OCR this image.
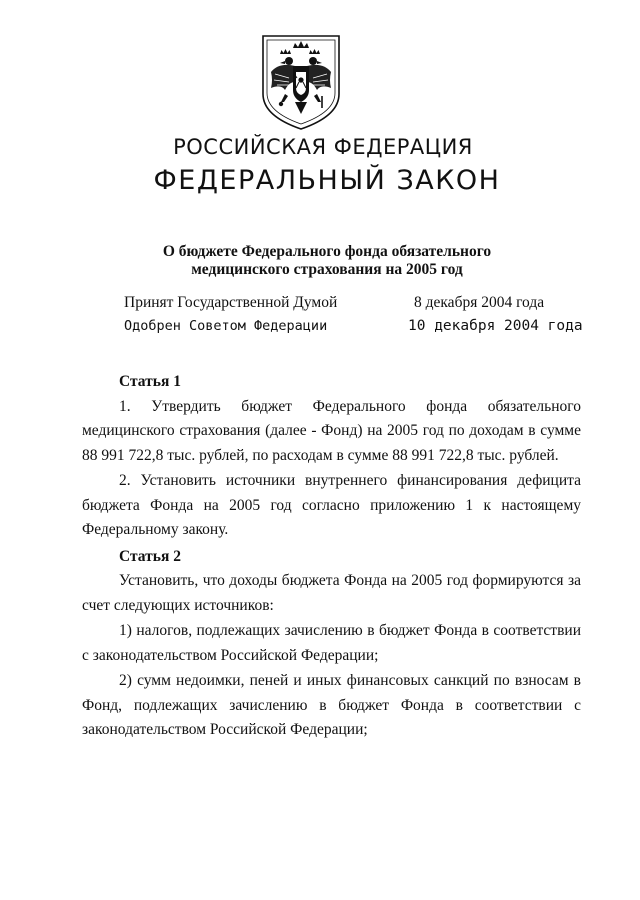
РОССИЙСКАЯ ФЕДЕРАЦИЯ
ФЕДЕРАЛЬНЫЙ ЗАКОН
О бюджете Федерального фонда обязательного
медицинского страхования на 2005 год
Принят Государственной Думой	8 декабря 2004 года
Одобрен Советом Федерации	10 декабря 2004 года
Статья 1

1. Утвердить бюджет Федерального фонда обязательного медицинского страхования (далее - Фонд) на 2005 год по доходам в сумме 88 991 722,8 тыс. рублей, по расходам в сумме 88 991 722,8 тыс. рублей.

2. Установить источники внутреннего финансирования дефицита бюджета Фонда на 2005 год согласно приложению 1 к настоящему Федеральному закону.

Статья 2

Установить, что доходы бюджета Фонда на 2005 год формируются за счет следующих источников:

1) налогов, подлежащих зачислению в бюджет Фонда в соответствии с законодательством Российской Федерации;

2) сумм недоимки, пеней и иных финансовых санкций по взносам в Фонд, подлежащих зачислению в бюджет Фонда в соответствии с законодательством Российской Федерации;
